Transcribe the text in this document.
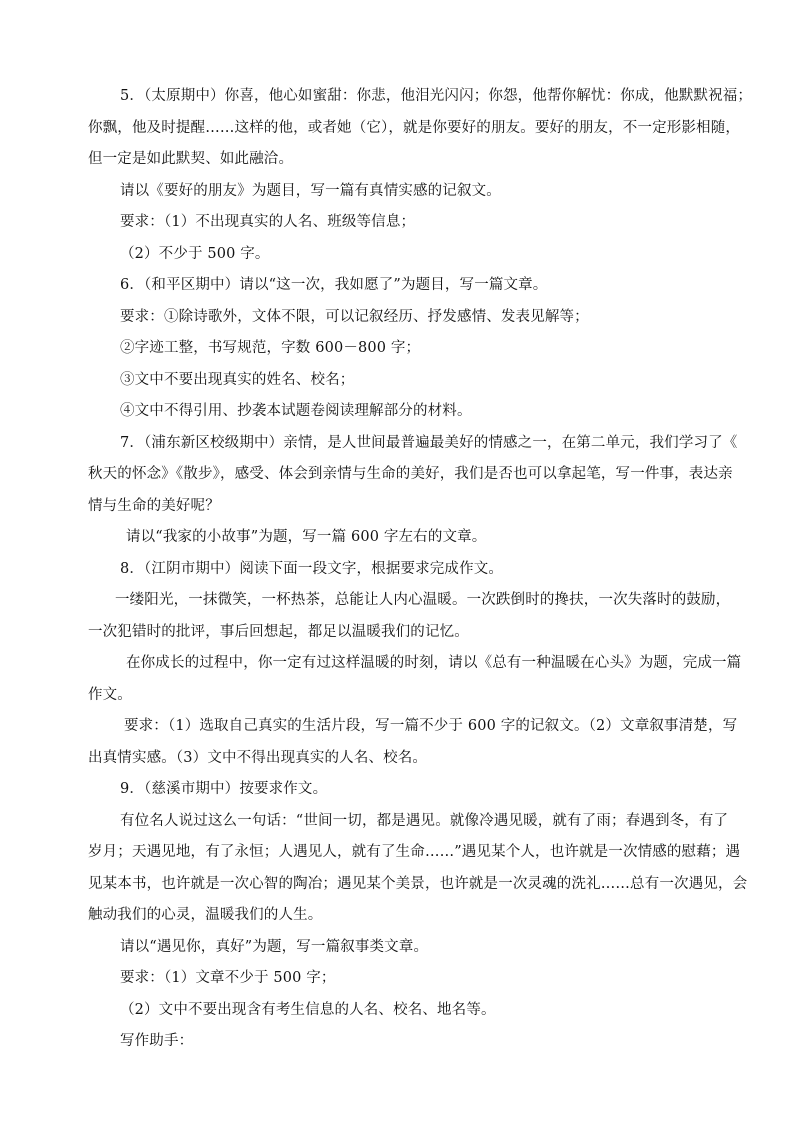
5．（太原期中）你喜，他心如蜜甜：你悲，他泪光闪闪；你怨，他帮你解忧：你成，他默默祝福；
你飘，他及时提醒……这样的他，或者她（它），就是你要好的朋友。要好的朋友，不一定形影相随，
但一定是如此默契、如此融洽。
请以《要好的朋友》为题目，写一篇有真情实感的记叙文。
要求：（1）不出现真实的人名、班级等信息；
（2）不少于 500 字。
6．（和平区期中）请以“这一次，我如愿了”为题目，写一篇文章。
要求：①除诗歌外，文体不限，可以记叙经历、抒发感情、发表见解等；
②字迹工整，书写规范，字数 600－800 字；
③文中不要出现真实的姓名、校名；
④文中不得引用、抄袭本试题卷阅读理解部分的材料。
7．（浦东新区校级期中）亲情，是人世间最普遍最美好的情感之一，在第二单元，我们学习了《
秋天的怀念》《散步》，感受、体会到亲情与生命的美好，我们是否也可以拿起笔，写一件事，表达亲
情与生命的美好呢？
请以“我家的小故事”为题，写一篇 600 字左右的文章。
8．（江阴市期中）阅读下面一段文字，根据要求完成作文。
一缕阳光，一抹微笑，一杯热茶，总能让人内心温暖。一次跌倒时的搀扶，一次失落时的鼓励，
一次犯错时的批评，事后回想起，都足以温暖我们的记忆。
在你成长的过程中，你一定有过这样温暖的时刻，请以《总有一种温暖在心头》为题，完成一篇
作文。
要求：（1）选取自己真实的生活片段，写一篇不少于 600 字的记叙文。（2）文章叙事清楚，写
出真情实感。（3）文中不得出现真实的人名、校名。
9．（慈溪市期中）按要求作文。
有位名人说过这么一句话：“世间一切，都是遇见。就像冷遇见暖，就有了雨；春遇到冬，有了
岁月；天遇见地，有了永恒；人遇见人，就有了生命……”遇见某个人，也许就是一次情感的慰藉；遇
见某本书，也许就是一次心智的陶冶；遇见某个美景，也许就是一次灵魂的洗礼……总有一次遇见，会
触动我们的心灵，温暖我们的人生。
请以“遇见你，真好”为题，写一篇叙事类文章。
要求：（1）文章不少于 500 字；
（2）文中不要出现含有考生信息的人名、校名、地名等。
写作助手：
